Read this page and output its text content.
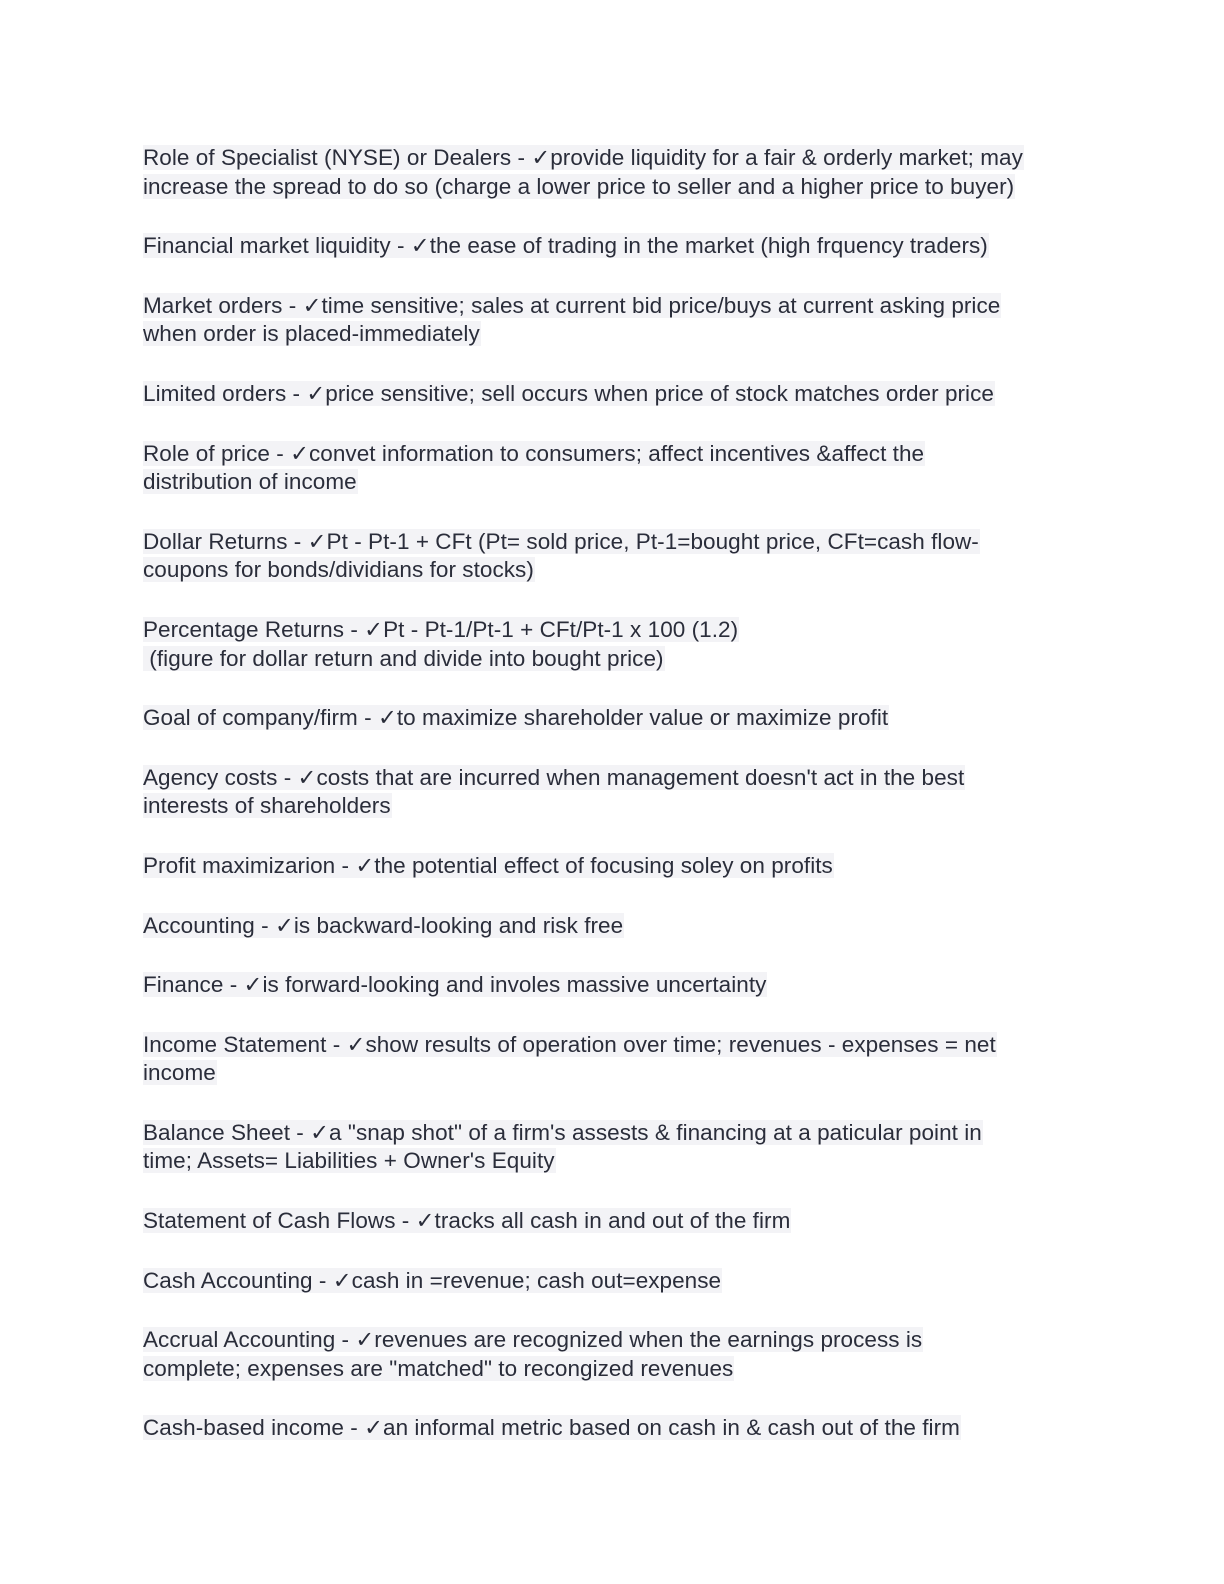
Role of Specialist (NYSE) or Dealers - ✓provide liquidity for a fair & orderly market; may
increase the spread to do so (charge a lower price to seller and a higher price to buyer)
Financial market liquidity - ✓the ease of trading in the market (high frquency traders)
Market orders - ✓time sensitive; sales at current bid price/buys at current asking price
when order is placed-immediately
Limited orders - ✓price sensitive; sell occurs when price of stock matches order price
Role of price - ✓convet information to consumers; affect incentives &affect the
distribution of income
Dollar Returns - ✓Pt - Pt-1 + CFt (Pt= sold price, Pt-1=bought price, CFt=cash flow-
coupons for bonds/dividians for stocks)
Percentage Returns - ✓Pt - Pt-1/Pt-1 + CFt/Pt-1 x 100 (1.2)
(figure for dollar return and divide into bought price)
Goal of company/firm - ✓to maximize shareholder value or maximize profit
Agency costs - ✓costs that are incurred when management doesn't act in the best
interests of shareholders
Profit maximizarion - ✓the potential effect of focusing soley on profits
Accounting - ✓is backward-looking and risk free
Finance - ✓is forward-looking and involes massive uncertainty
Income Statement - ✓show results of operation over time; revenues - expenses = net
income
Balance Sheet - ✓a "snap shot" of a firm's assests & financing at a paticular point in
time; Assets= Liabilities + Owner's Equity
Statement of Cash Flows - ✓tracks all cash in and out of the firm
Cash Accounting - ✓cash in =revenue; cash out=expense
Accrual Accounting - ✓revenues are recognized when the earnings process is
complete; expenses are "matched" to recongized revenues
Cash-based income - ✓an informal metric based on cash in & cash out of the firm
